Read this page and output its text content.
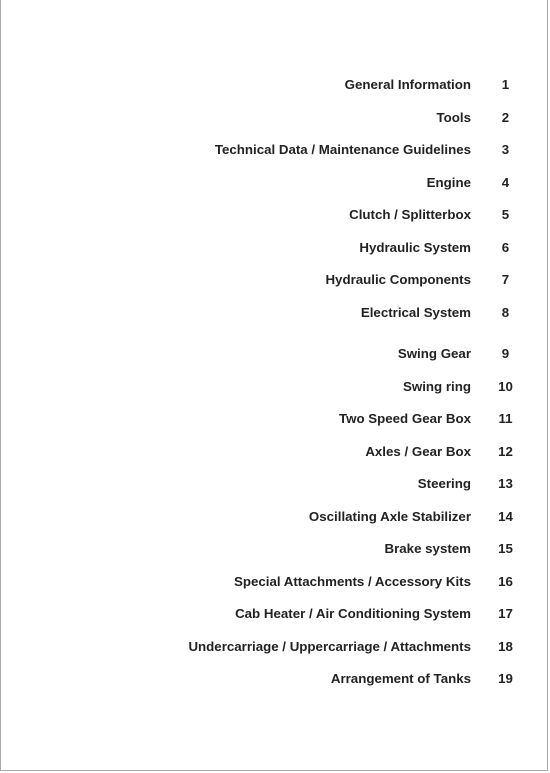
General Information	1
Tools	2
Technical Data / Maintenance Guidelines	3
Engine	4
Clutch / Splitterbox	5
Hydraulic System	6
Hydraulic Components	7
Electrical System	8
Swing Gear	9
Swing ring 10
Two Speed Gear Box 11
Axles / Gear Box 12
Steering 13
Oscillating Axle Stabilizer 14
Brake system 15
Special Attachments / Accessory Kits 16
Cab Heater / Air Conditioning System 17
Undercarriage / Uppercarriage / Attachments 18
Arrangement of Tanks 19
